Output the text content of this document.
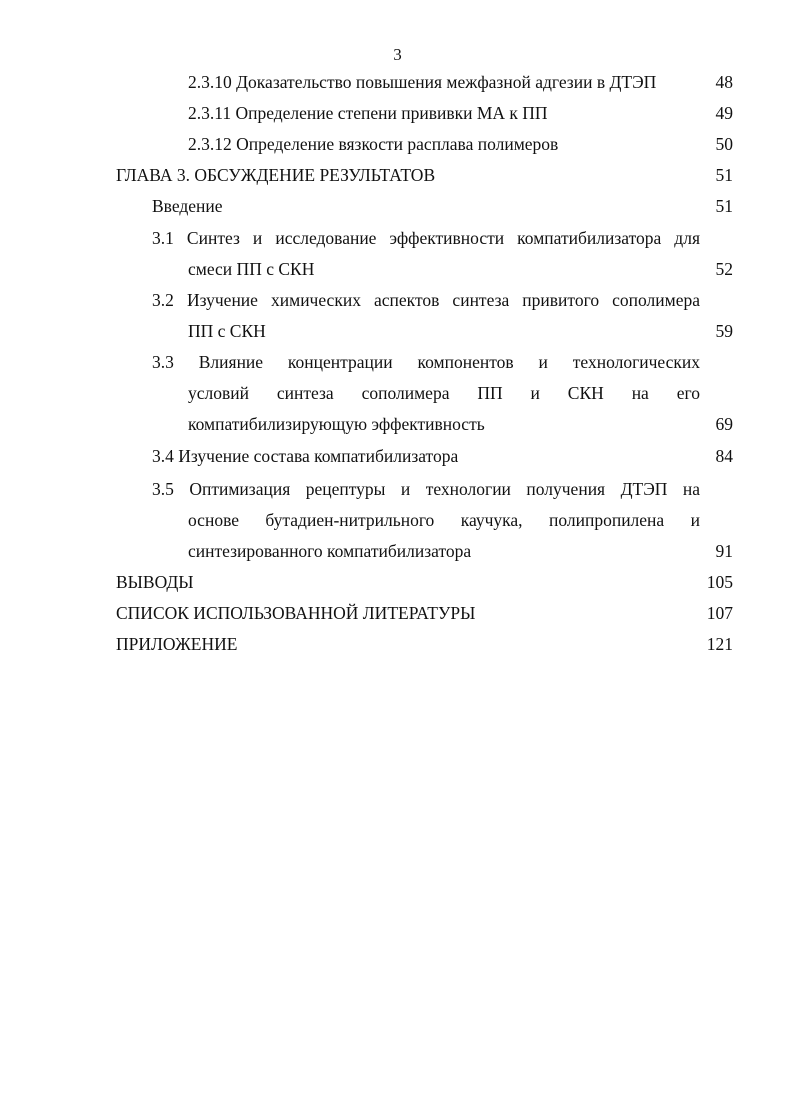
3
2.3.10 Доказательство повышения межфазной адгезии в ДТЭП	48
2.3.11 Определение степени прививки МА к ПП	49
2.3.12 Определение вязкости расплава полимеров	50
ГЛАВА 3. ОБСУЖДЕНИЕ РЕЗУЛЬТАТОВ	51
Введение	51
3.1 Синтез и исследование эффективности компатибилизатора для
смеси ПП с СКН	52
3.2 Изучение химических аспектов синтеза привитого сополимера
ПП с СКН	59
3.3 Влияние концентрации компонентов и технологических
условий синтеза сополимера ПП и СКН на его
компатибилизирующую эффективность	69
3.4 Изучение состава компатибилизатора	84
3.5 Оптимизация рецептуры и технологии получения ДТЭП на
основе бутадиен-нитрильного каучука, полипропилена и
синтезированного компатибилизатора	91
ВЫВОДЫ	105
СПИСОК ИСПОЛЬЗОВАННОЙ ЛИТЕРАТУРЫ	107
ПРИЛОЖЕНИЕ	121
